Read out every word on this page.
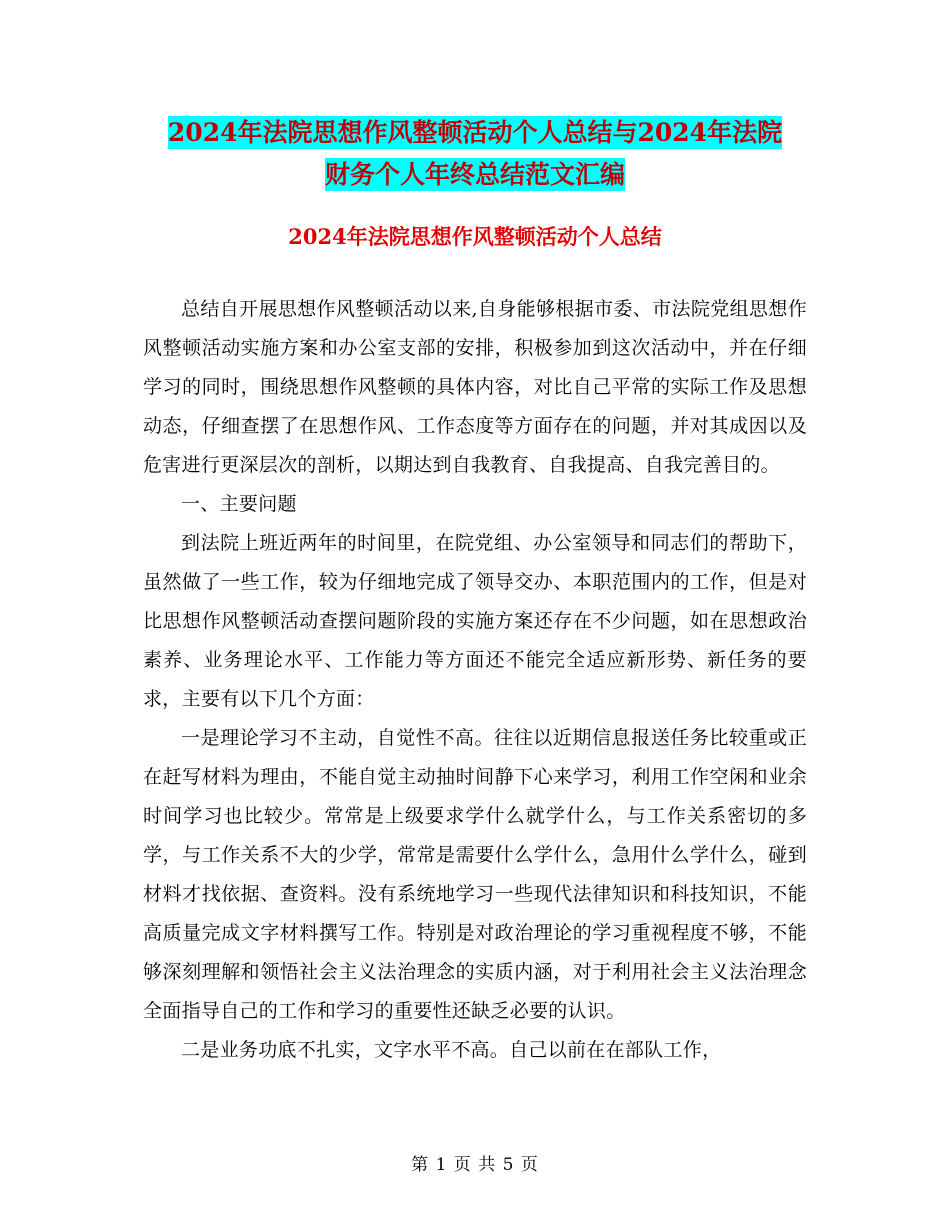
2024年法院思想作风整顿活动个人总结与2024年法院
财务个人年终总结范文汇编
2024年法院思想作风整顿活动个人总结

总结自开展思想作风整顿活动以来,自身能够根据市委、市法院党组思想作风整顿活动实施方案和办公室支部的安排，积极参加到这次活动中，并在仔细学习的同时，围绕思想作风整顿的具体内容，对比自己平常的实际工作及思想动态，仔细查摆了在思想作风、工作态度等方面存在的问题，并对其成因以及危害进行更深层次的剖析，以期达到自我教育、自我提高、自我完善目的。

一、主要问题

到法院上班近两年的时间里，在院党组、办公室领导和同志们的帮助下，虽然做了一些工作，较为仔细地完成了领导交办、本职范围内的工作，但是对比思想作风整顿活动查摆问题阶段的实施方案还存在不少问题，如在思想政治素养、业务理论水平、工作能力等方面还不能完全适应新形势、新任务的要求，主要有以下几个方面：

一是理论学习不主动，自觉性不高。往往以近期信息报送任务比较重或正在赶写材料为理由，不能自觉主动抽时间静下心来学习，利用工作空闲和业余时间学习也比较少。常常是上级要求学什么就学什么，与工作关系密切的多学，与工作关系不大的少学，常常是需要什么学什么，急用什么学什么，碰到材料才找依据、查资料。没有系统地学习一些现代法律知识和科技知识，不能高质量完成文字材料撰写工作。特别是对政治理论的学习重视程度不够，不能够深刻理解和领悟社会主义法治理念的实质内涵，对于利用社会主义法治理念全面指导自己的工作和学习的重要性还缺乏必要的认识。

二是业务功底不扎实，文字水平不高。自己以前在在部队工作，

第 1 页 共 5 页
